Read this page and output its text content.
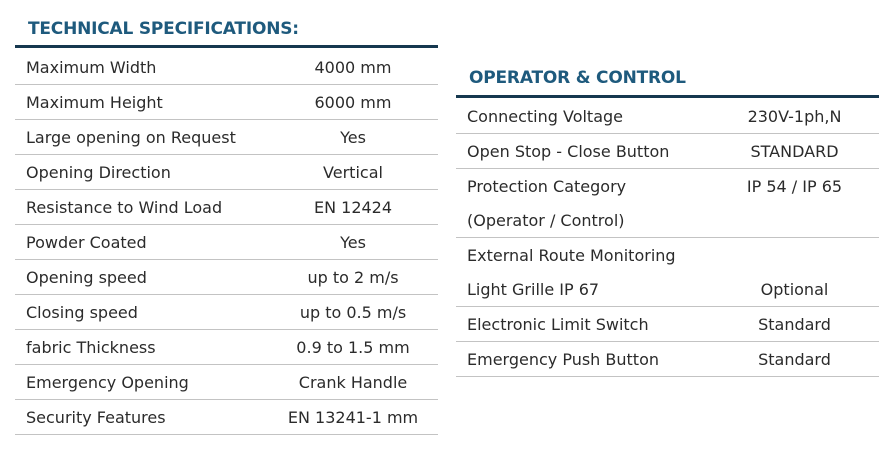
TECHNICAL SPECIFICATIONS:
Maximum Width	4000 mm
Maximum Height	6000 mm
Large opening on Request	Yes
Opening Direction	Vertical
Resistance to Wind Load	EN 12424
Powder Coated	Yes
Opening speed	up to 2 m/s
Closing speed	up to 0.5 m/s
fabric Thickness	0.9 to 1.5 mm
Emergency Opening	Crank Handle
Security Features	EN 13241-1 mm
OPERATOR & CONTROL
Connecting Voltage	230V-1ph,N
Open Stop - Close Button	STANDARD
Protection Category	IP 54 / IP 65
(Operator / Control)	
External Route Monitoring	
Light Grille IP 67	Optional
Electronic Limit Switch	Standard
Emergency Push Button	Standard
